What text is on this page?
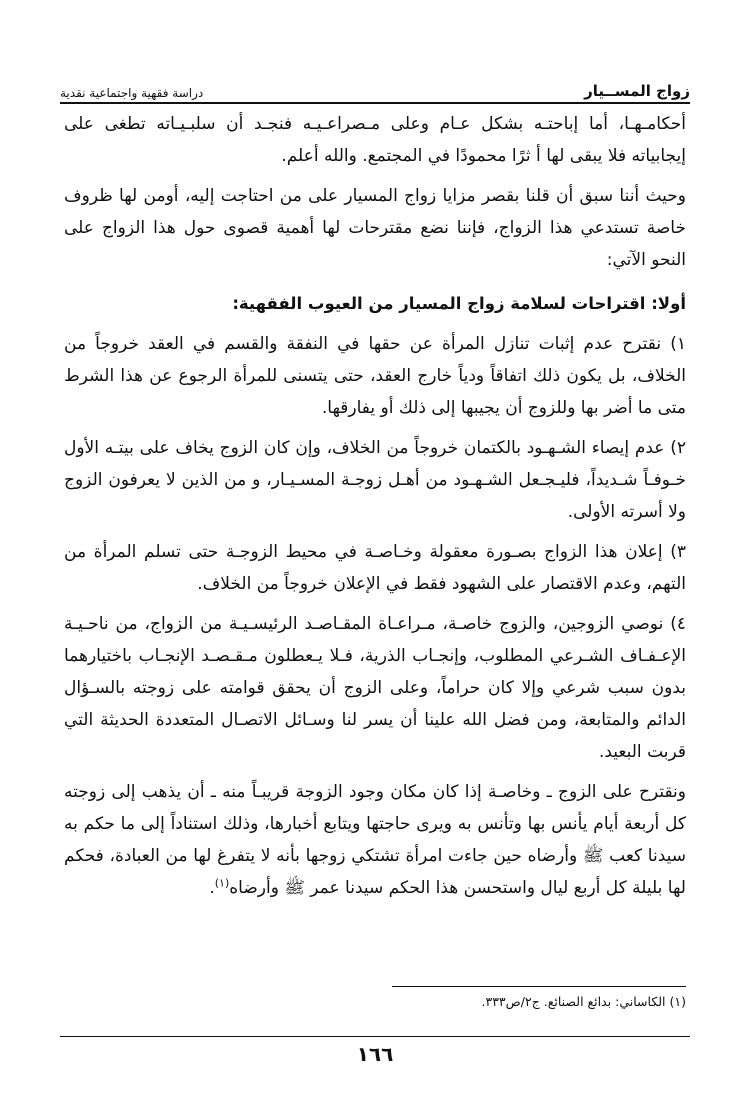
زواج المســيار
دراسة فقهية واجتماعية نقدية

أحكامـهـا، أما إباحتـه بشكل عـام وعلى مـصراعـيـه فنجـد أن سلبـيـاته تطغى على إيجابياته فلا يبقى لها أ ثرًا محمودًا في المجتمع. والله أعلم.

وحيث أننا سبق أن قلنا بقصر مزايا زواج المسيار على من احتاجت إليه، أومن لها ظروف خاصة تستدعي هذا الزواج، فإننا نضع مقترحات لها أهمية قصوى حول هذا الزواج على النحو الآتي:

أولا: اقتراحات لسلامة زواج المسيار من العيوب الفقهية:

١) نقترح عدم إثبات تنازل المرأة عن حقها في النفقة والقسم في العقد خروجاً من الخلاف، بل يكون ذلك اتفاقاً ودياً خارج العقد، حتى يتسنى للمرأة الرجوع عن هذا الشرط متى ما أضر بها وللزوج أن يجيبها إلى ذلك أو يفارقها.

٢) عدم إيصاء الشـهـود بالكتمان خروجاً من الخلاف، وإن كان الزوج يخاف على بيتـه الأول خـوفـاً شـديداً، فليـجـعل الشـهـود من أهـل زوجـة المسـيـار، و من الذين لا يعرفون الزوج ولا أسرته الأولى.

٣) إعلان هذا الزواج بصـورة معقولة وخـاصـة في محيط الزوجـة حتى تسلم المرأة من التهم، وعدم الاقتصار على الشهود فقط في الإعلان خروجاً من الخلاف.

٤) نوصي الزوجين، والزوج خاصـة، مـراعـاة المقـاصـد الرئيسـيـة من الزواج، من ناحـيـة الإعـفـاف الشـرعي المطلوب، وإنجـاب الذرية، فـلا يـعطلون مـقـصـد الإنجـاب باختيارهما بدون سبب شرعي وإلا كان حراماً، وعلى الزوج أن يحقق قوامته على زوجته بالسـؤال الدائم والمتابعة، ومن فضل الله علينا أن يسر لنا وسـائل الاتصـال المتعددة الحديثة التي قربت البعيد.

ونقترح على الزوج ـ وخاصـة إذا كان مكان وجود الزوجة قريبـاً منه ـ أن يذهب إلى زوجته كل أربعة أيام يأنس بها وتأنس به ويرى حاجتها ويتابع أخبارها، وذلك استناداً إلى ما حكم به سيدنا كعب ﷺ وأرضاه حين جاءت امرأة تشتكي زوجها بأنه لا يتفرغ لها من العبادة، فحكم لها بليلة كل أربع ليال واستحسن هذا الحكم سيدنا عمر ﷺ وأرضاه$^{(١)}$.

(١) الكاساني: بدائع الصنائع. ج٢/ص٣٣٣.
١٦٦
